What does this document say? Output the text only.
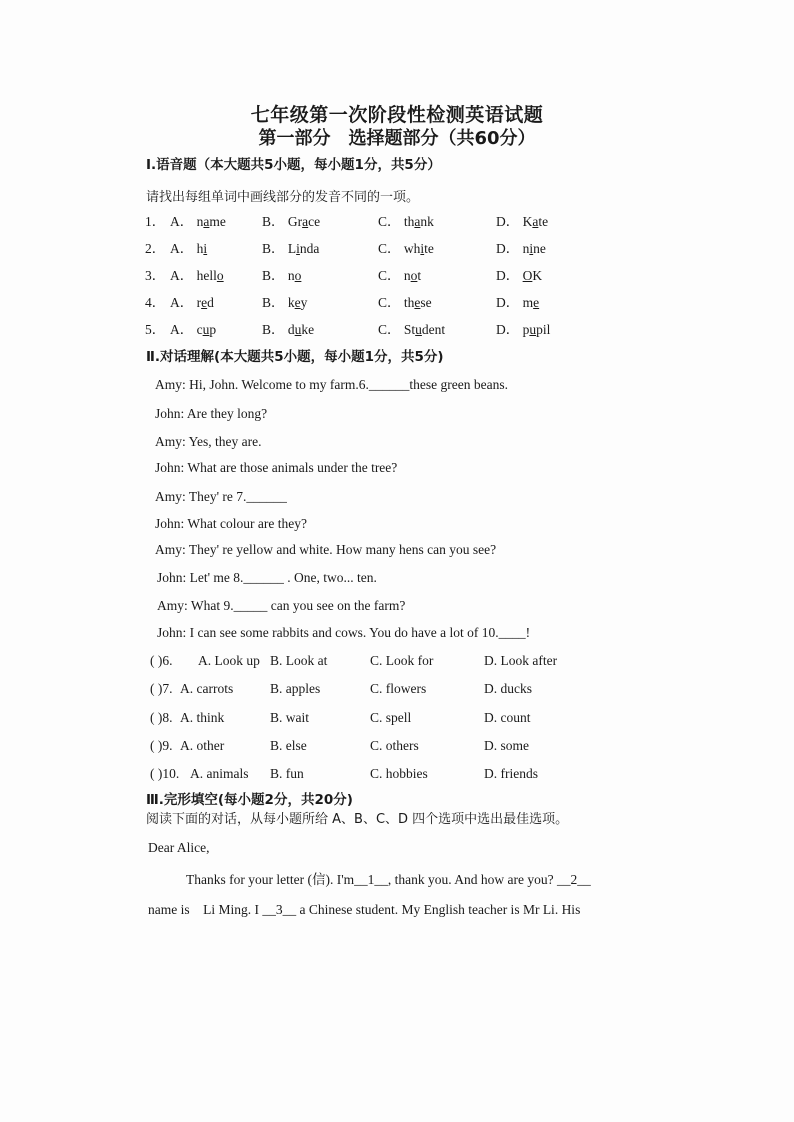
七年级第一次阶段性检测英语试题
第一部分　选择题部分（共60分）
Ⅰ.语音题（本大题共5小题，每小题1分，共5分）
请找出每组单词中画线部分的发音不同的一项。
1． A． name	B． Grace	C． thank	D． Kate
2． A． hi	B． Linda	C． white	D． nine
3． A． hello	B． no	C． not	D． OK
4． A． red	B． key	C． these	D． me
5． A． cup	B． duke	C． Student	D． pupil
Ⅱ.对话理解(本大题共5小题，每小题1分，共5分)
Amy: Hi, John. Welcome to my farm.6.______these green beans.
John: Are they long?
Amy: Yes, they are.
John: What are those animals under the tree?
Amy: They' re 7.______
John: What colour are they?
Amy: They' re yellow and white. How many hens can you see?
John: Let' me 8.______ . One, two... ten.
Amy: What 9._____ can you see on the farm?
John: I can see some rabbits and cows. You do have a lot of 10.____!
( )6. A. Look up B. Look at	C. Look for	D. Look after
( )7. A. carrots	B. apples	C. flowers	D. ducks
( )8. A. think	B. wait	C. spell	D. count
( )9. A. other	B. else	C. others	D. some
( )10. A. animals B. fun	C. hobbies	D. friends
Ⅲ.完形填空(每小题2分，共20分)
阅读下面的对话，从每小题所给 A、B、C、D 四个选项中选出最佳选项。
Dear Alice,
Thanks for your letter (信). I'm__1__, thank you. And how are you? __2__
name is　Li Ming. I __3__ a Chinese student. My English teacher is Mr Li. His
